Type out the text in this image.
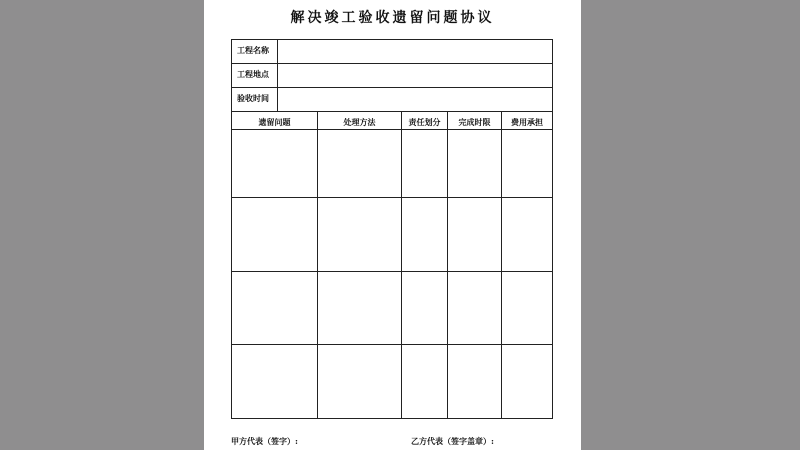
解决竣工验收遗留问题协议
工程名称
工程地点
验收时间
遗留问题	处理方法	责任划分	完成时限	费用承担
甲方代表（签字）:	乙方代表（签字盖章）:
